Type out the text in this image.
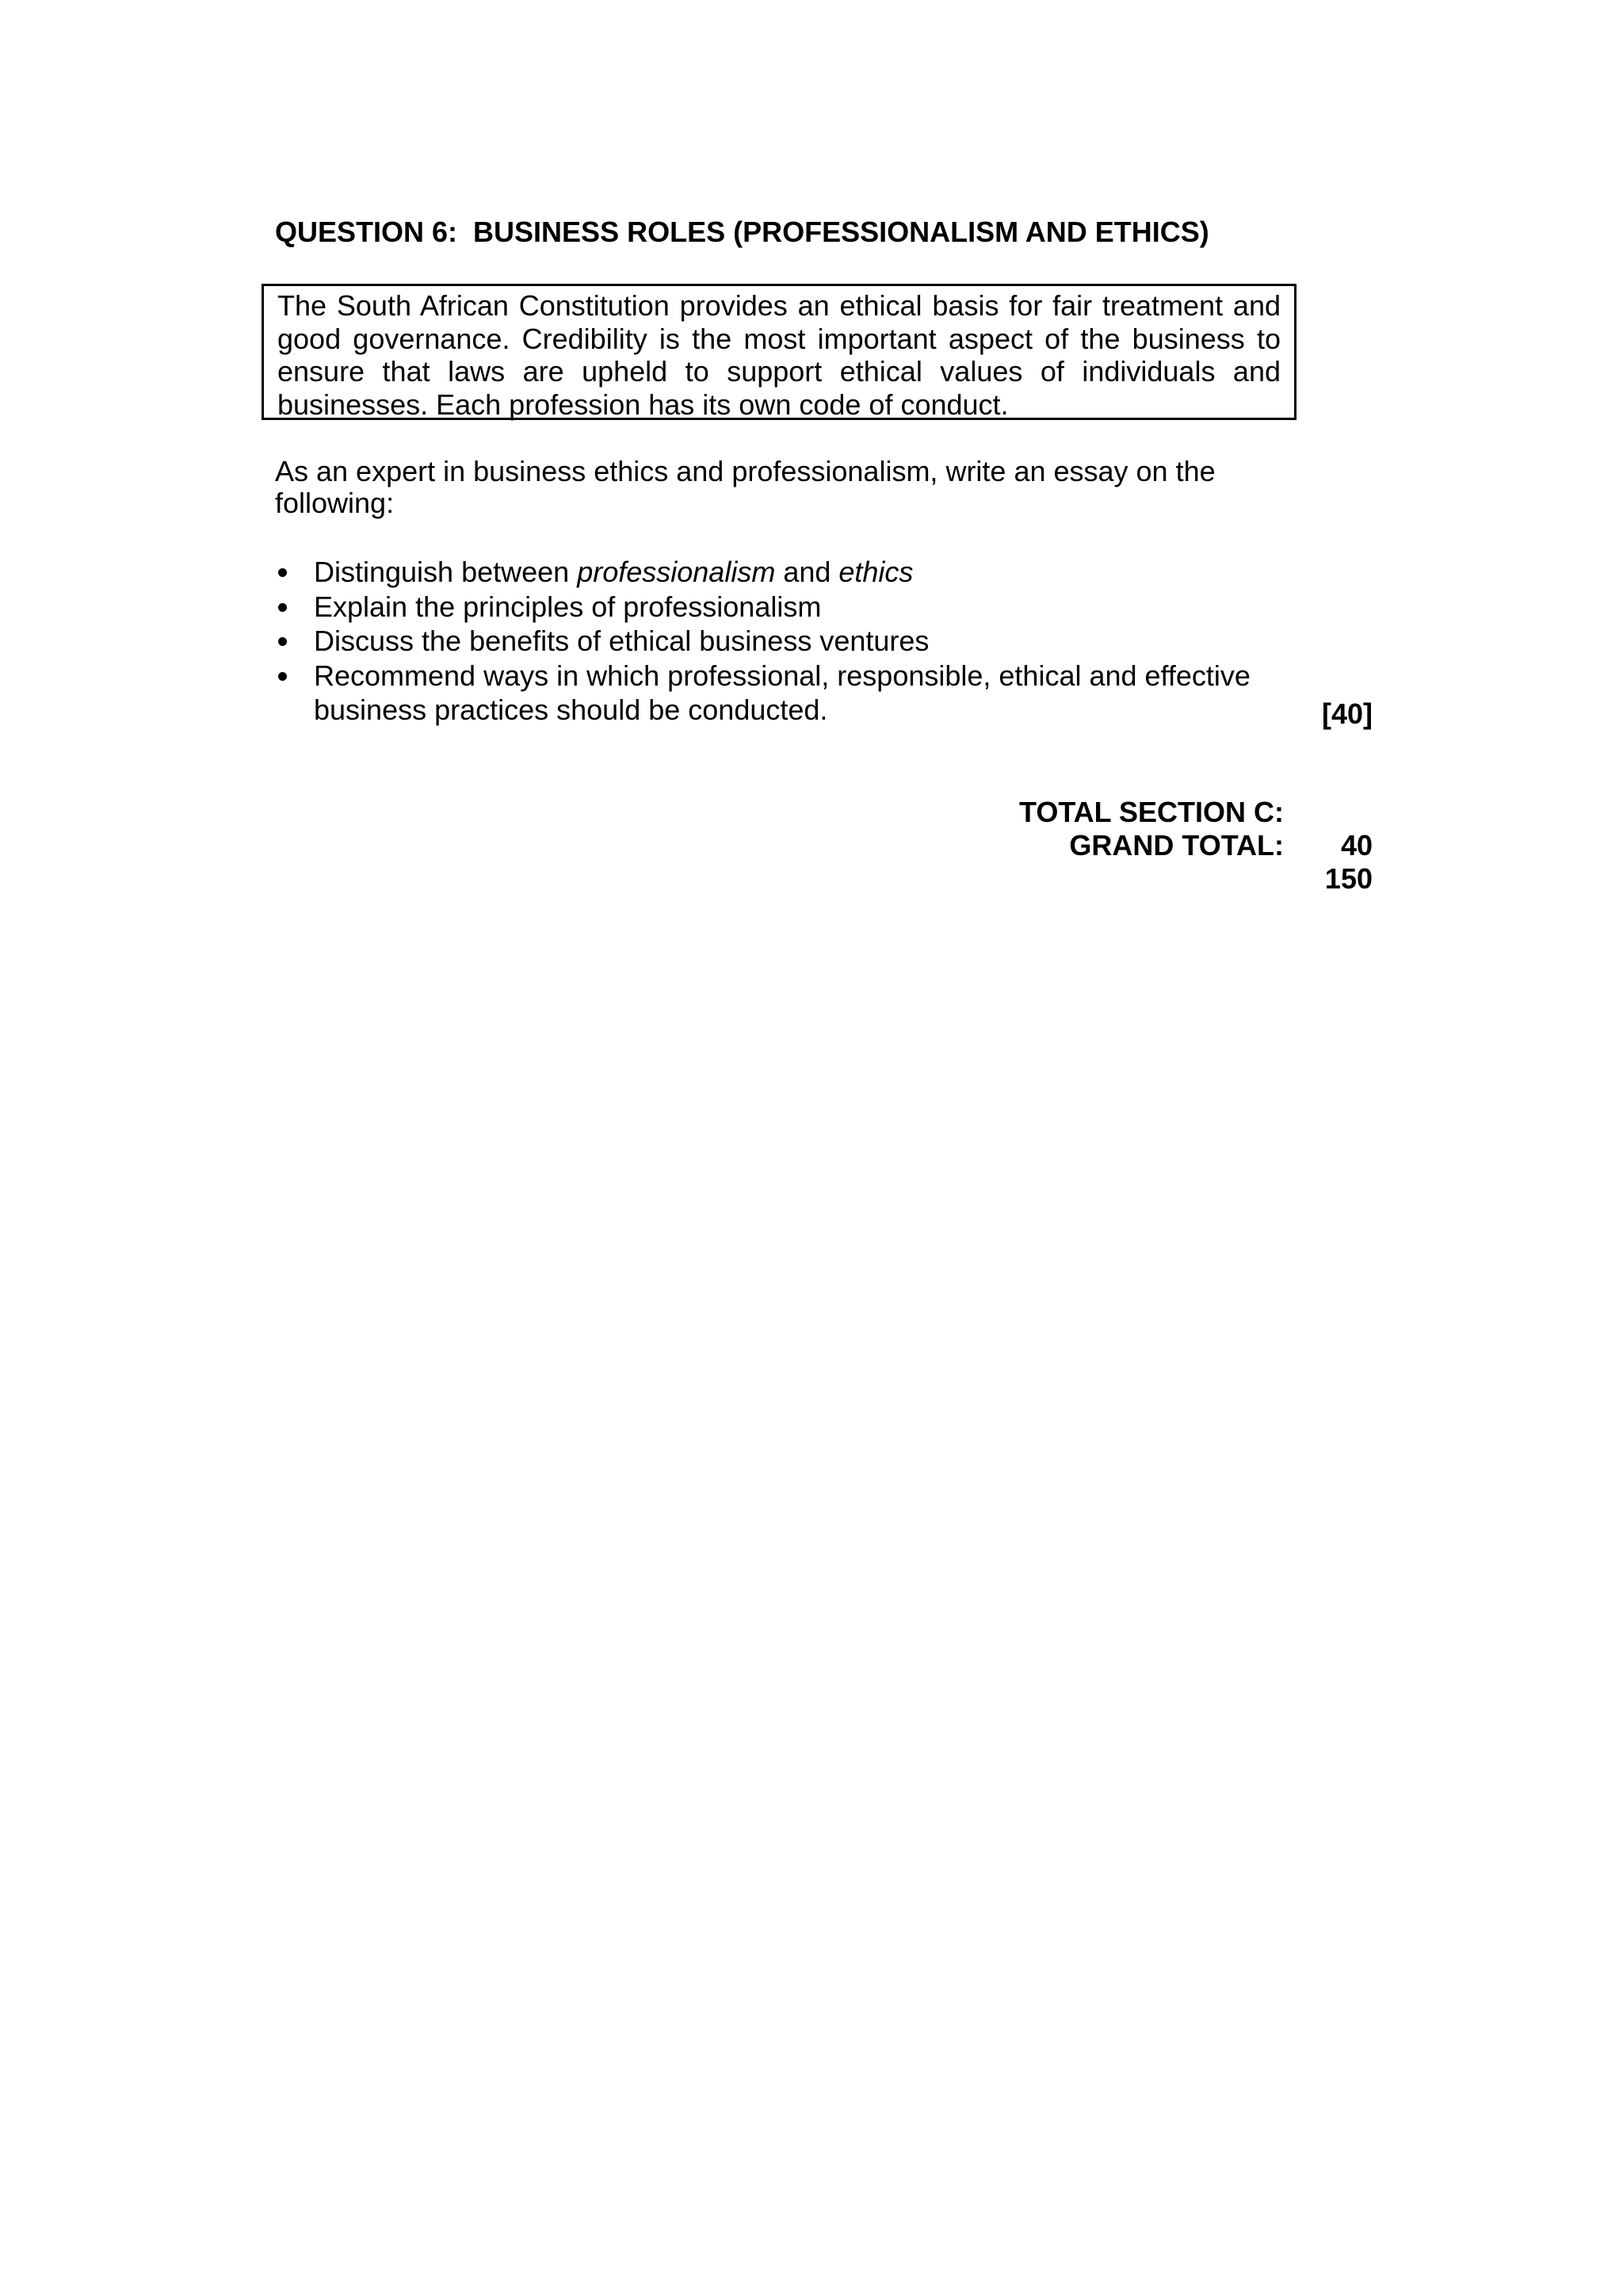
QUESTION 6:  BUSINESS ROLES (PROFESSIONALISM AND ETHICS)

The South African Constitution provides an ethical basis for fair treatment and good governance. Credibility is the most important aspect of the business to ensure that laws are upheld to support ethical values of individuals and businesses. Each profession has its own code of conduct.

As an expert in business ethics and professionalism, write an essay on the following:

Distinguish between professionalism and ethics
Explain the principles of professionalism
Discuss the benefits of ethical business ventures
Recommend ways in which professional, responsible, ethical and effective business practices should be conducted.	[40]

TOTAL SECTION C:

40

GRAND TOTAL:

150
